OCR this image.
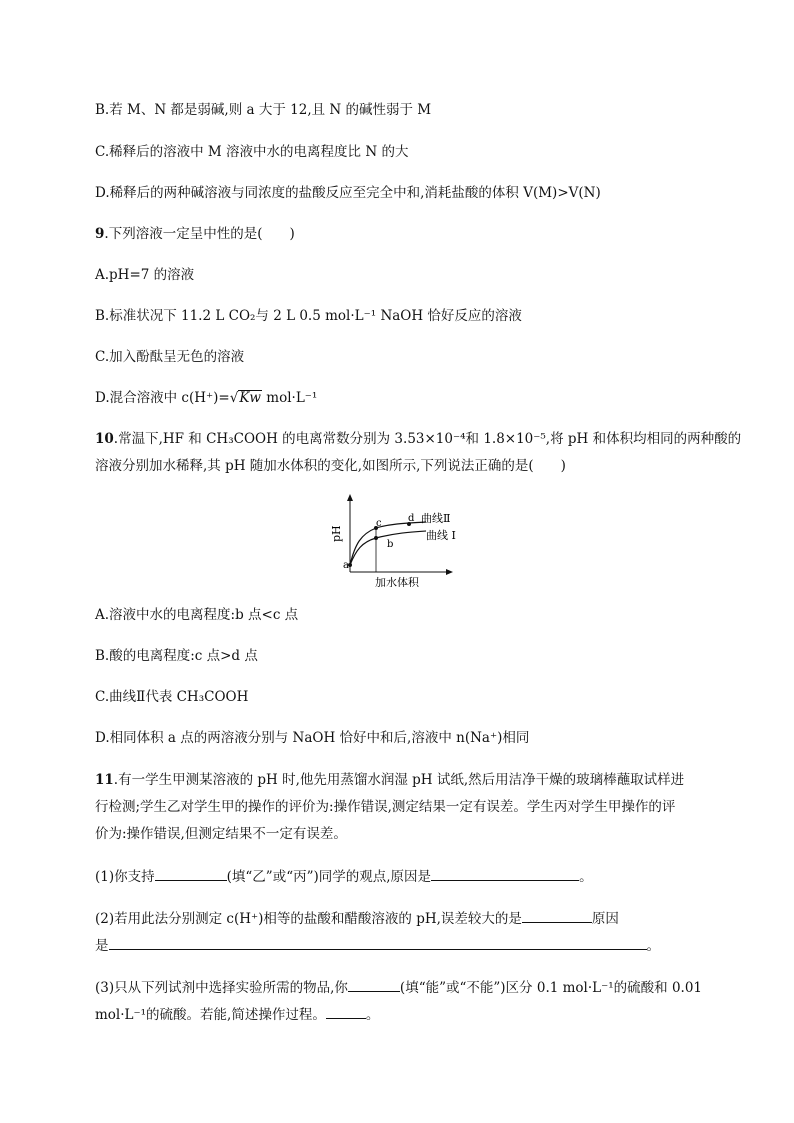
B.若 M、N 都是弱碱,则 a 大于 12,且 N 的碱性弱于 M
C.稀释后的溶液中 M 溶液中水的电离程度比 N 的大
D.稀释后的两种碱溶液与同浓度的盐酸反应至完全中和,消耗盐酸的体积 V(M)>V(N)
9.下列溶液一定呈中性的是(　　)
A.pH=7 的溶液
B.标准状况下 11.2 L CO₂与 2 L 0.5 mol·L⁻¹ NaOH 恰好反应的溶液
C.加入酚酞呈无色的溶液
D.混合溶液中 c(H⁺)=√Kw mol·L⁻¹
10.常温下,HF 和 CH₃COOH 的电离常数分别为 3.53×10⁻⁴和 1.8×10⁻⁵,将 pH 和体积均相同的两种酸的
溶液分别加水稀释,其 pH 随加水体积的变化,如图所示,下列说法正确的是(　　)
pH
加水体积
a
b
c	d 曲线Ⅱ
曲线 I
A.溶液中水的电离程度:b 点<c 点
B.酸的电离程度:c 点>d 点
C.曲线Ⅱ代表 CH₃COOH
D.相同体积 a 点的两溶液分别与 NaOH 恰好中和后,溶液中 n(Na⁺)相同
11.有一学生甲测某溶液的 pH 时,他先用蒸馏水润湿 pH 试纸,然后用洁净干燥的玻璃棒蘸取试样进
行检测;学生乙对学生甲的操作的评价为:操作错误,测定结果一定有误差。学生丙对学生甲操作的评
价为:操作错误,但测定结果不一定有误差。
(1)你支持	(填“乙”或“丙”)同学的观点,原因是	。
(2)若用此法分别测定 c(H⁺)相等的盐酸和醋酸溶液的 pH,误差较大的是	原因
是	。
(3)只从下列试剂中选择实验所需的物品,你	(填“能”或“不能”)区分 0.1 mol·L⁻¹的硫酸和 0.01
mol·L⁻¹的硫酸。若能,简述操作过程。	。
